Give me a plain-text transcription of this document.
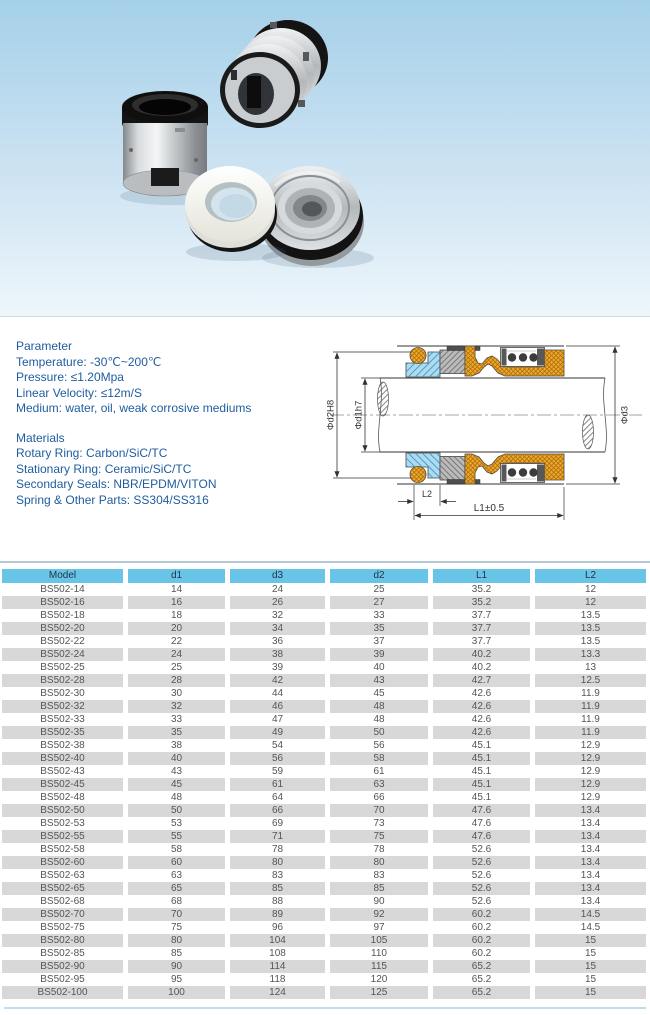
Parameter
Temperature: -30℃~200℃
Pressure: ≤1.20Mpa
Linear Velocity: ≤12m/S
Medium: water, oil, weak corrosive mediums
Materials
Rotary Ring: Carbon/SiC/TC
Stationary Ring: Ceramic/SiC/TC
Secondary Seals: NBR/EPDM/VITON
Spring & Other Parts: SS304/SS316
Φd2H8 Φd1h7	Φd3
L2
L1±0.5
Model	d1	d3	d2	L1	L2
BS502-14	14	24	25	35.2	12
BS502-16	16	26	27	35.2	12
BS502-18	18	32	33	37.7	13.5
BS502-20	20	34	35	37.7	13.5
BS502-22	22	36	37	37.7	13.5
BS502-24	24	38	39	40.2	13.3
BS502-25	25	39	40	40.2	13
BS502-28	28	42	43	42.7	12.5
BS502-30	30	44	45	42.6	11.9
BS502-32	32	46	48	42.6	11.9
BS502-33	33	47	48	42.6	11.9
BS502-35	35	49	50	42.6	11.9
BS502-38	38	54	56	45.1	12.9
BS502-40	40	56	58	45.1	12.9
BS502-43	43	59	61	45.1	12.9
BS502-45	45	61	63	45.1	12.9
BS502-48	48	64	66	45.1	12.9
BS502-50	50	66	70	47.6	13.4
BS502-53	53	69	73	47.6	13.4
BS502-55	55	71	75	47.6	13.4
BS502-58	58	78	78	52.6	13.4
BS502-60	60	80	80	52.6	13.4
BS502-63	63	83	83	52.6	13.4
BS502-65	65	85	85	52.6	13.4
BS502-68	68	88	90	52.6	13.4
BS502-70	70	89	92	60.2	14.5
BS502-75	75	96	97	60.2	14.5
BS502-80	80	104	105	60.2	15
BS502-85	85	108	110	60.2	15
BS502-90	90	114	115	65.2	15
BS502-95	95	118	120	65.2	15
BS502-100	100	124	125	65.2	15
